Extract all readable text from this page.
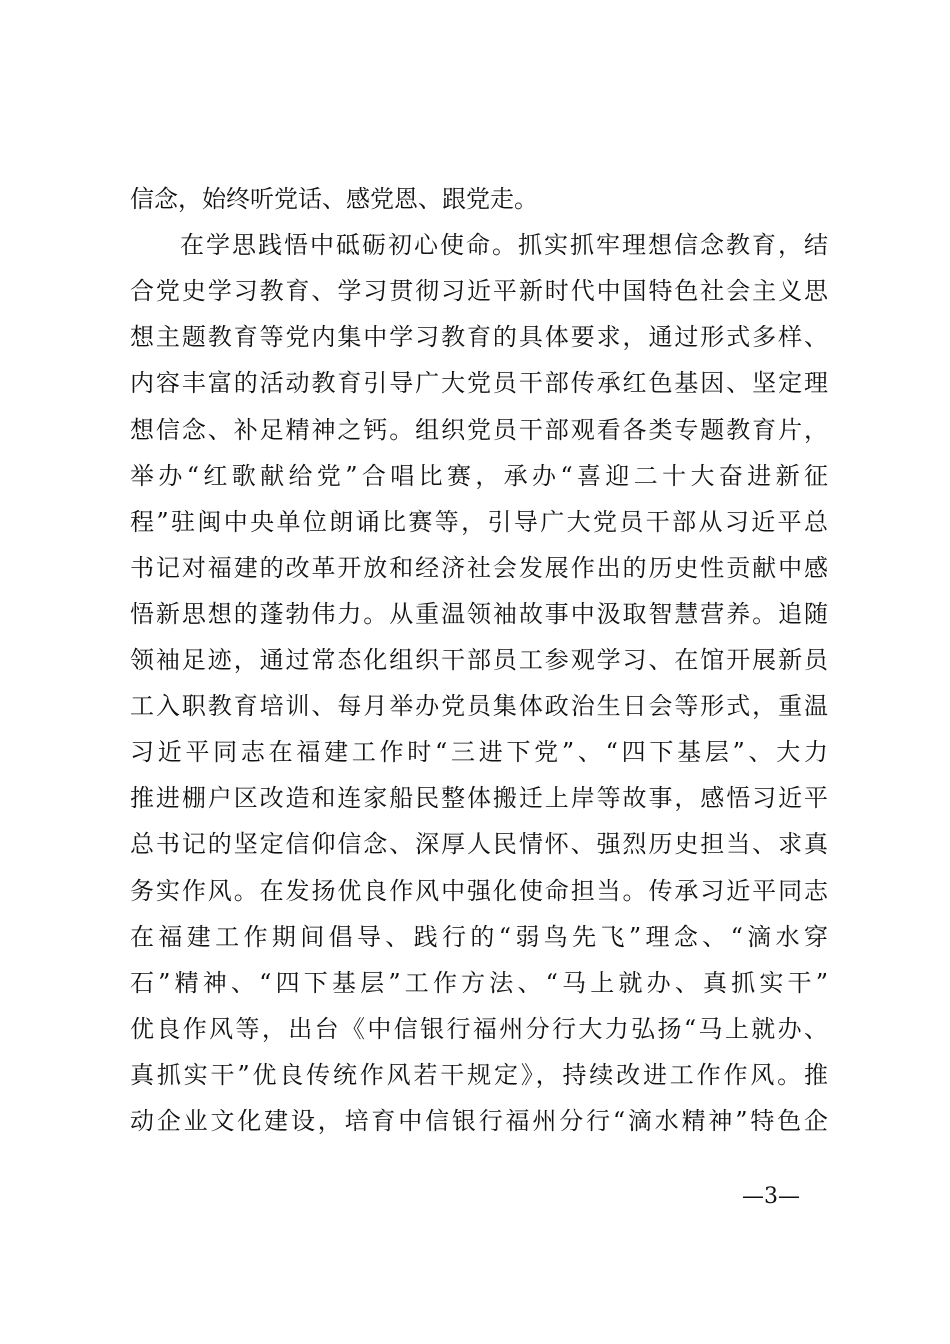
信念，始终听党话、感党恩、跟党走。
在学思践悟中砥砺初心使命。抓实抓牢理想信念教育，结
合党史学习教育、学习贯彻习近平新时代中国特色社会主义思
想主题教育等党内集中学习教育的具体要求，通过形式多样、
内容丰富的活动教育引导广大党员干部传承红色基因、坚定理
想信念、补足精神之钙。组织党员干部观看各类专题教育片，
举办“红歌献给党”合唱比赛，承办“喜迎二十大奋进新征
程”驻闽中央单位朗诵比赛等，引导广大党员干部从习近平总
书记对福建的改革开放和经济社会发展作出的历史性贡献中感
悟新思想的蓬勃伟力。从重温领袖故事中汲取智慧营养。追随
领袖足迹，通过常态化组织干部员工参观学习、在馆开展新员
工入职教育培训、每月举办党员集体政治生日会等形式，重温
习近平同志在福建工作时“三进下党”、“四下基层”、大力
推进棚户区改造和连家船民整体搬迁上岸等故事，感悟习近平
总书记的坚定信仰信念、深厚人民情怀、强烈历史担当、求真
务实作风。在发扬优良作风中强化使命担当。传承习近平同志
在福建工作期间倡导、践行的“弱鸟先飞”理念、“滴水穿
石”精神、“四下基层”工作方法、“马上就办、真抓实干”
优良作风等，出台《中信银行福州分行大力弘扬“马上就办、
真抓实干”优良传统作风若干规定》，持续改进工作作风。推
动企业文化建设，培育中信银行福州分行“滴水精神”特色企
—3—
